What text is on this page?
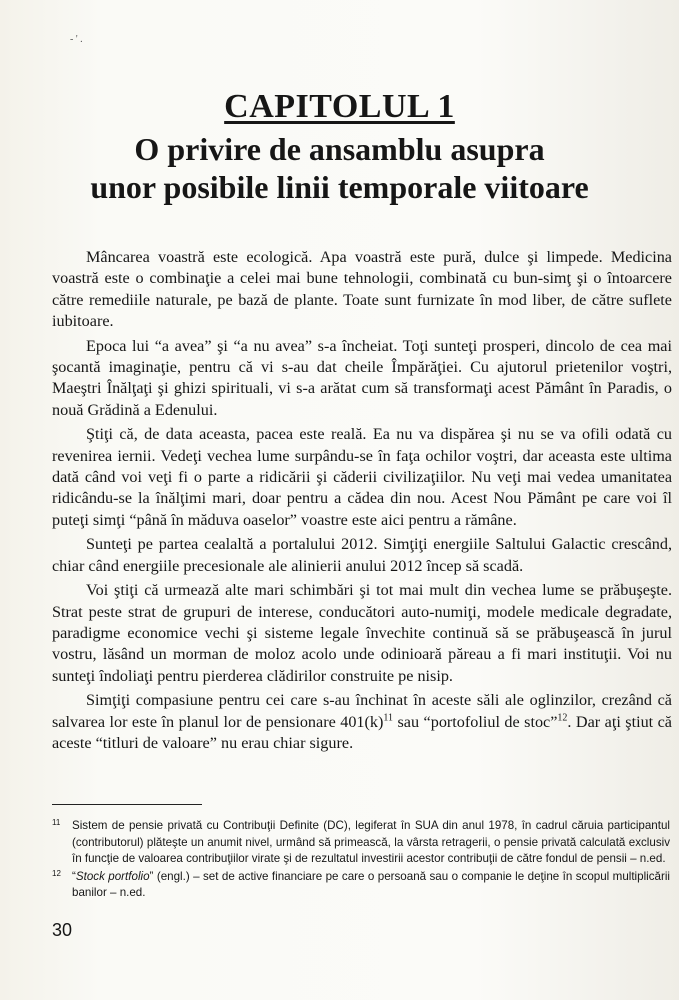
- ' .
CAPITOLUL 1
O privire de ansamblu asupra
unor posibile linii temporale viitoare

Mâncarea voastră este ecologică. Apa voastră este pură, dulce şi limpede. Medicina voastră este o combinaţie a celei mai bune tehnologii, combinată cu bun-simţ şi o întoarcere către remediile naturale, pe bază de plante. Toate sunt furnizate în mod liber, de către suflete iubitoare.

Epoca lui “a avea” şi “a nu avea” s-a încheiat. Toţi sunteţi prosperi, dincolo de cea mai şocantă imaginaţie, pentru că vi s-au dat cheile Împărăţiei. Cu ajutorul prietenilor voştri, Maeştri Înălţaţi şi ghizi spirituali, vi s-a arătat cum să transformaţi acest Pământ în Paradis, o nouă Grădină a Edenului.

Ştiţi că, de data aceasta, pacea este reală. Ea nu va dispărea şi nu se va ofili odată cu revenirea iernii. Vedeţi vechea lume surpându-se în faţa ochilor voştri, dar aceasta este ultima dată când voi veţi fi o parte a ridicării şi căderii civilizaţiilor. Nu veţi mai vedea umanitatea ridicându-se la înălţimi mari, doar pentru a cădea din nou. Acest Nou Pământ pe care voi îl puteţi simţi “până în măduva oaselor” voastre este aici pentru a rămâne.

Sunteţi pe partea cealaltă a portalului 2012. Simţiţi energiile Saltului Galactic crescând, chiar când energiile precesionale ale alinierii anului 2012 încep să scadă.

Voi ştiţi că urmează alte mari schimbări şi tot mai mult din vechea lume se prăbuşeşte. Strat peste strat de grupuri de interese, conducători auto-numiţi, modele medicale degradate, paradigme economice vechi şi sisteme legale învechite continuă să se prăbuşească în jurul vostru, lăsând un morman de moloz acolo unde odinioară păreau a fi mari instituţii. Voi nu sunteţi îndoliaţi pentru pierderea clădirilor construite pe nisip.

Simţiţi compasiune pentru cei care s-au închinat în aceste săli ale oglinzilor, crezând că salvarea lor este în planul lor de pensionare $401(k)^{11}$ sau “portofoliul de stoc”$^{12}$. Dar aţi ştiut că aceste “titluri de valoare” nu erau chiar sigure.

11	Sistem de pensie privată cu Contribuţii Definite (DC), legiferat în SUA din anul 1978, în cadrul căruia participantul (contributorul) plăteşte un anumit nivel, urmând să primească, la vârsta retragerii, o pensie privată calculată exclusiv în funcţie de valoarea contribuţiilor virate şi de rezultatul investirii acestor contribuţii de către fondul de pensii – n.ed.
12 “Stock portfolio” (engl.) – set de active financiare pe care o persoană sau o companie le deţine în scopul multiplicării banilor – n.ed.
30
